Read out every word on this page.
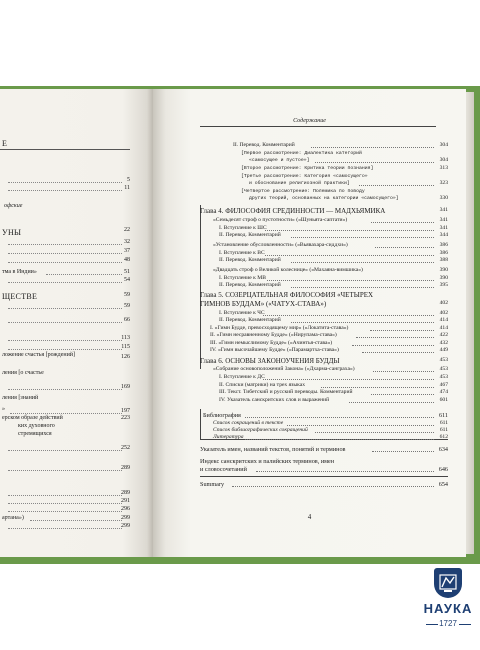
Е
5
11
офские
УНЫ	22
32
37
48
тма в Индии»	51
54
ЩЕСТВЕ	59
59
66
113
115
ложение счастья [рождений]	126
ления [о счастье
169
ления [знаний
»	197
ерском образе действий	223
ких духовного
стремящихся
252
289
289
291
296
артана»)	299
299
Содержание
II. Перевод. Комментарий	304
[Первое рассмотрение: Диалектика категорий
«самосущее и пустое»]	304
[Второе рассмотрение: Критика теории познания]	313
[Третье рассмотрение: Категория «самосущего»
и обоснование религиозной практики]	323
[Четвертое рассмотрение: Полемика по поводу
других теорий, основанных на категории «самосущего»]	330
Глава 4. ФИЛОСОФИЯ СРЕДИННОСТИ — МАДХЬЯМИКА	341
«Семьдесят строф о пустотности» («Шуньята-саптати»)	341
I. Вступление к ШС	341
II. Перевод. Комментарий	344
«Установление обусловленности» («Вьявахара-сиддхи»)	386
I. Вступление к ВС	386
II. Перевод. Комментарий	388
«Двадцать строф о Великой колеснице» («Махаяна-вимшика»)	390
I. Вступление к МВ	390
II. Перевод. Комментарий	395
Глава 5. СОЗЕРЦАТЕЛЬНАЯ ФИЛОСОФИЯ «ЧЕТЫРЕХ
ГИМНОВ БУДДАМ» («ЧАТУХ-СТАВА»)	402
I. Вступление к ЧС	402
II. Перевод. Комментарий	414
I. «Гимн Будде, превосходящему мир» («Локатита-става»)	414
II. «Гимн несравненному Будде» («Нирупама-става»)	422
III. «Гимн немыслимому Будде» («Ачинтья-става»)	432
IV. «Гимн высочайшему Будде» («Парамартха-става»)	449
Глава 6. ОСНОВЫ ЗАКОНОУЧЕНИЯ БУДДЫ	453
«Собрание основоположений Закона» («Дхарма-санграха»)	453
I. Вступление к ДС	453
II. Списки (матрики) на трех языках	467
III. Текст. Тибетский и русский переводы. Комментарий	474
IV. Указатель санскритских слов и выражений	601
Библиография	611
Список сокращений в тексте	611
Список библиографических сокращений	611
Литература	612
Указатель имен, названий текстов, понятий и терминов	634
Индекс санскритских и палийских терминов, имен
и словосочетаний	646
Summary	654
4
НАУКА
1727
